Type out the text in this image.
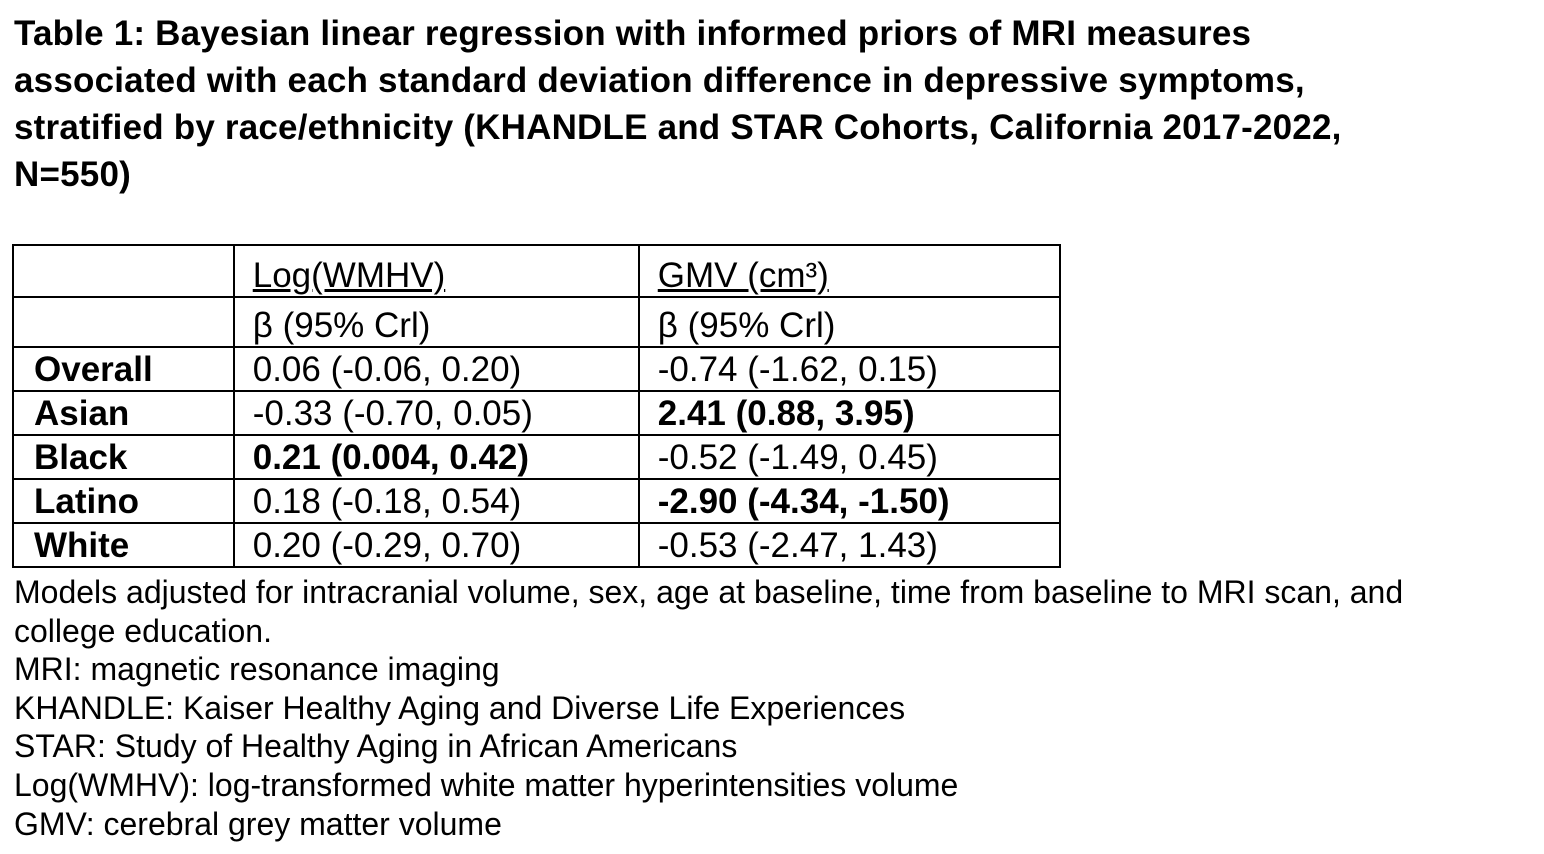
Table 1: Bayesian linear regression with informed priors of MRI measures
associated with each standard deviation difference in depressive symptoms,
stratified by race/ethnicity (KHANDLE and STAR Cohorts, California 2017-2022,
N=550)
	Log(WMHV)	GMV (cm³)
	β (95% Crl)	β (95% Crl)
Overall	0.06 (-0.06, 0.20)	-0.74 (-1.62, 0.15)
Asian	-0.33 (-0.70, 0.05)	2.41 (0.88, 3.95)
Black	0.21 (0.004, 0.42)	-0.52 (-1.49, 0.45)
Latino	0.18 (-0.18, 0.54)	-2.90 (-4.34, -1.50)
White	0.20 (-0.29, 0.70)	-0.53 (-2.47, 1.43)
Models adjusted for intracranial volume, sex, age at baseline, time from baseline to MRI scan, and
college education.
MRI: magnetic resonance imaging
KHANDLE: Kaiser Healthy Aging and Diverse Life Experiences
STAR: Study of Healthy Aging in African Americans
Log(WMHV): log-transformed white matter hyperintensities volume
GMV: cerebral grey matter volume
